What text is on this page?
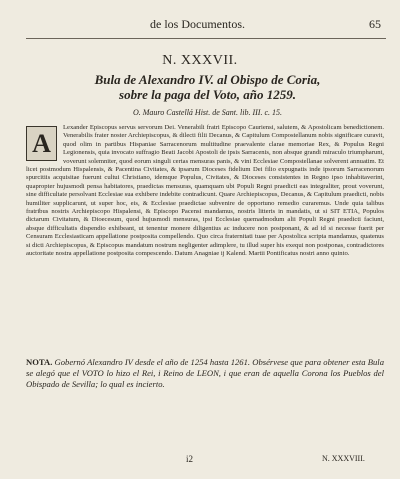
de los Documentos.	65
N. XXXVII.
Bula de Alexandro IV. al Obispo de Coria,
sobre la paga del Voto, año 1259.
O. Mauro Castellá Hist. de Sant. lib. III. c. 15.
A
Lexander Episcopus servus servorum Dei. Venerabili fratri Episcopo Cauriensi, salutem, & Apostolicam benedictionem. Venerabilis frater noster Archiepiscopus, & dilecti filii Decanus, & Capitulum Compostellanum nobis significare curavit, quod olim in partibus Hispaniae Sarracenorum multitudine praevalente clarae memoriae Rex, & Populus Regni Legionensis, quia invocato suffragio Beati Jacobi Apostoli de ipsis Sarracenis, non absque grandi miraculo triumpharunt, voverunt solemniter, quod eorum singuli certas mensuras panis, & vini Ecclesiae Compostellanae solverent annuatim. Et licet postmodum Hispalensis, & Pacentina Civitates, & ipsarum Dioceses fidelium Dei filio expugnatis inde ipsorum Sarracenorum spurcitiis acquisitae fuerunt cultui Christiano, idemque Populus, Civitates, & Dioceses consistentes in Regno ipso inhabitaverint, quapropter hujusmodi pensa habitatores, praedictas mensuras, quamquam ubi Populi Regni praedicti eas integraliter, prout voverunt, sine difficultate persolvant Ecclesiae sua exhibere indebite contradicunt. Quare Archiepiscopus, Decanus, & Capitulum praedicti, nobis humiliter supplicarunt, ut super hoc, eis, & Ecclesiae praedictae subvenire de opportuno remedio curaremus. Unde quia talibus fratribus nostris Archiepiscopo Hispalensi, & Episcopo Pacensi mandamus, nostris litteris in mandatis, ut si SIT ETIA, Populos dictarum Civitatum, & Dioecesum, quod hujusmodi mensuras, ipsi Ecclesiae quemadmodum alii Populi Regni praedicti faciunt, absque difficultatis dispendio exhibeant, ut tenentur monere diligentius ac inducere non postponant, & ad id si necesse fuerit per Censuram Ecclesiasticam appellatione postposita compellendo. Quo circa fraternitati tuae per Apostolica scripta mandamus, quatenus si dicti Archiepiscopus, & Episcopus mandatum nostrum negligenter adimplere, tu illud super his exequi non postponas, contradictores auctoritate nostra appellatione postposita compescendo. Datum Anagniae ij Kalend. Martii Pontificatus nostri anno quinto.
NOTA. Gobernó Alexandro IV desde el año de 1254 hasta 1261. Obsérvese que para obtener esta Bula se alegó que el VOTO lo hizo el Rei, i Reino de LEON, i que eran de aquella Corona los Pueblos del Obispado de Sevilla; lo qual es incierto.
i2	N. XXXVIII.
